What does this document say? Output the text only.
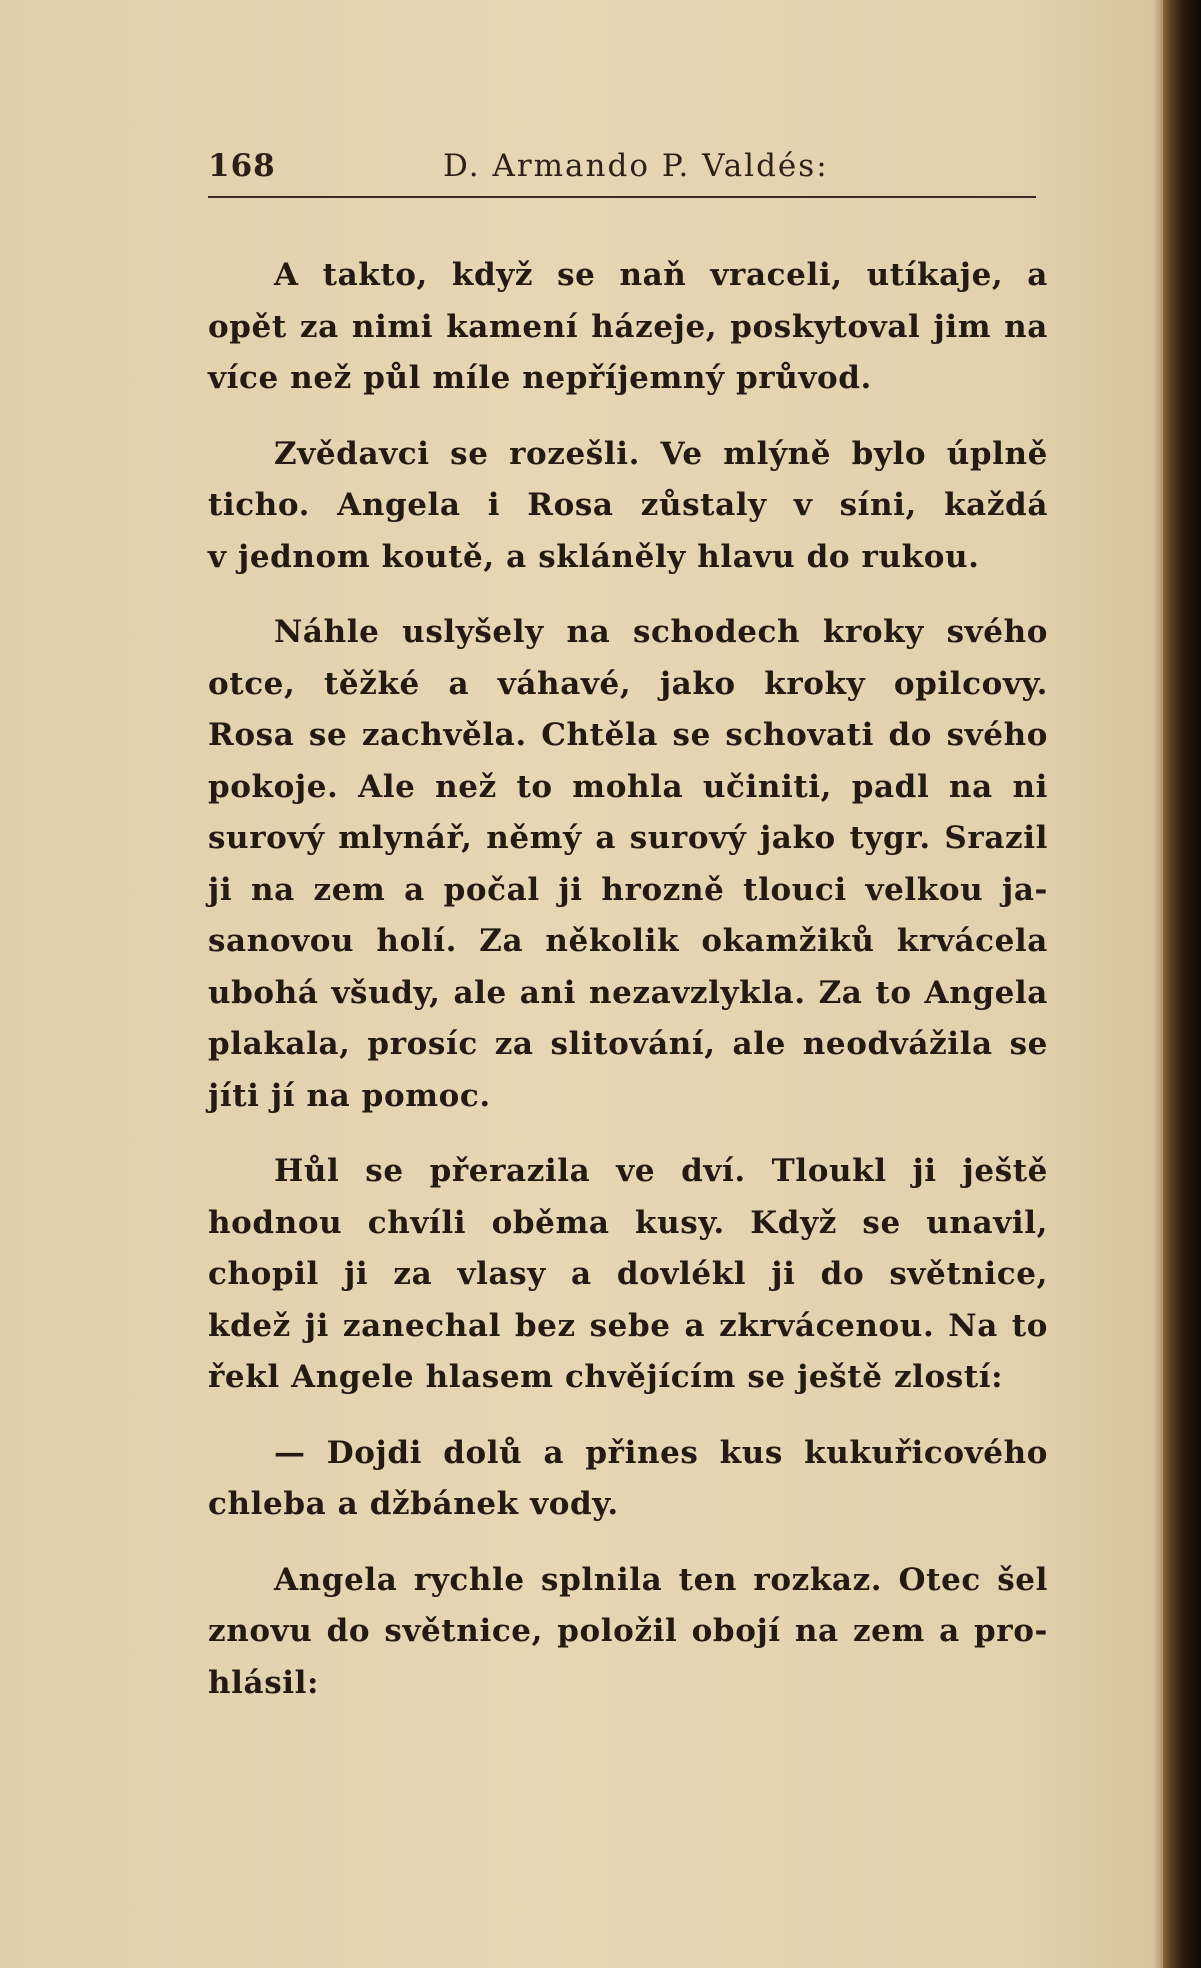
168	D. Armando P. Valdés:
A takto, když se naň vraceli, utíkaje, a
opět za nimi kamení házeje, poskytoval jim na
více než půl míle nepříjemný průvod.
Zvědavci se rozešli. Ve mlýně bylo úplně
ticho. Angela i Rosa zůstaly v síni, každá
v jednom koutě, a skláněly hlavu do rukou.
Náhle uslyšely na schodech kroky svého
otce, těžké a váhavé, jako kroky opilcovy.
Rosa se zachvěla. Chtěla se schovati do svého
pokoje. Ale než to mohla učiniti, padl na ni
surový mlynář, němý a surový jako tygr. Srazil
ji na zem a počal ji hrozně tlouci velkou ja-
sanovou holí. Za několik okamžiků krvácela
ubohá všudy, ale ani nezavzlykla. Za to Angela
plakala, prosíc za slitování, ale neodvážila se
jíti jí na pomoc.
Hůl se přerazila ve dví. Tloukl ji ještě
hodnou chvíli oběma kusy. Když se unavil,
chopil ji za vlasy a dovlékl ji do světnice,
kdež ji zanechal bez sebe a zkrvácenou. Na to
řekl Angele hlasem chvějícím se ještě zlostí:
— Dojdi dolů a přines kus kukuřicového
chleba a džbánek vody.
Angela rychle splnila ten rozkaz. Otec šel
znovu do světnice, položil obojí na zem a pro-
hlásil:
